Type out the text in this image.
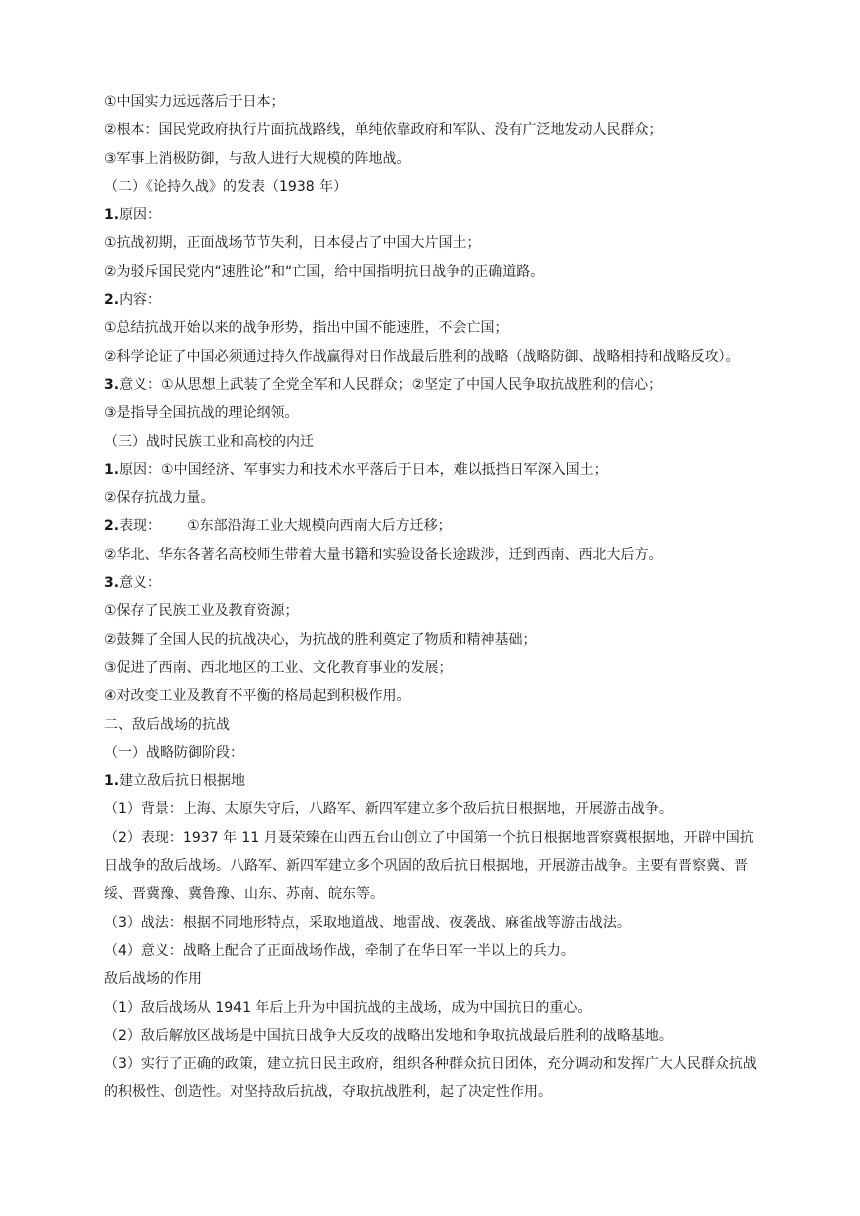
①中国实力远远落后于日本；

②根本：国民党政府执行片面抗战路线，单纯依靠政府和军队、没有广泛地发动人民群众；

③军事上消极防御，与敌人进行大规模的阵地战。

（二）《论持久战》的发表（1938 年）

1.原因：

①抗战初期，正面战场节节失利，日本侵占了中国大片国土；

②为驳斥国民党内“速胜论”和“亡国，给中国指明抗日战争的正确道路。

2.内容：

①总结抗战开始以来的战争形势，指出中国不能速胜，不会亡国；

②科学论证了中国必须通过持久作战赢得对日作战最后胜利的战略（战略防御、战略相持和战略反攻）。

3.意义：①从思想上武装了全党全军和人民群众；②坚定了中国人民争取抗战胜利的信心；

③是指导全国抗战的理论纲领。

（三）战时民族工业和高校的内迁

1.原因：①中国经济、军事实力和技术水平落后于日本，难以抵挡日军深入国土；

②保存抗战力量。

2.表现： ①东部沿海工业大规模向西南大后方迁移；

②华北、华东各著名高校师生带着大量书籍和实验设备长途跋涉，迁到西南、西北大后方。

3.意义：

①保存了民族工业及教育资源；

②鼓舞了全国人民的抗战决心，为抗战的胜利奠定了物质和精神基础；

③促进了西南、西北地区的工业、文化教育事业的发展；

④对改变工业及教育不平衡的格局起到积极作用。

二、敌后战场的抗战

（一）战略防御阶段：

1.建立敌后抗日根据地

（1）背景：上海、太原失守后，八路军、新四军建立多个敌后抗日根据地，开展游击战争。

（2）表现：1937 年 11 月聂荣臻在山西五台山创立了中国第一个抗日根据地晋察冀根据地，开辟中国抗日战争的敌后战场。八路军、新四军建立多个巩固的敌后抗日根据地，开展游击战争。主要有晋察冀、晋绥、晋冀豫、冀鲁豫、山东、苏南、皖东等。

（3）战法：根据不同地形特点，采取地道战、地雷战、夜袭战、麻雀战等游击战法。

（4）意义：战略上配合了正面战场作战，牵制了在华日军一半以上的兵力。

敌后战场的作用

（1）敌后战场从 1941 年后上升为中国抗战的主战场，成为中国抗日的重心。

（2）敌后解放区战场是中国抗日战争大反攻的战略出发地和争取抗战最后胜利的战略基地。

（3）实行了正确的政策，建立抗日民主政府，组织各种群众抗日团体，充分调动和发挥广大人民群众抗战的积极性、创造性。对坚持敌后抗战，夺取抗战胜利，起了决定性作用。
